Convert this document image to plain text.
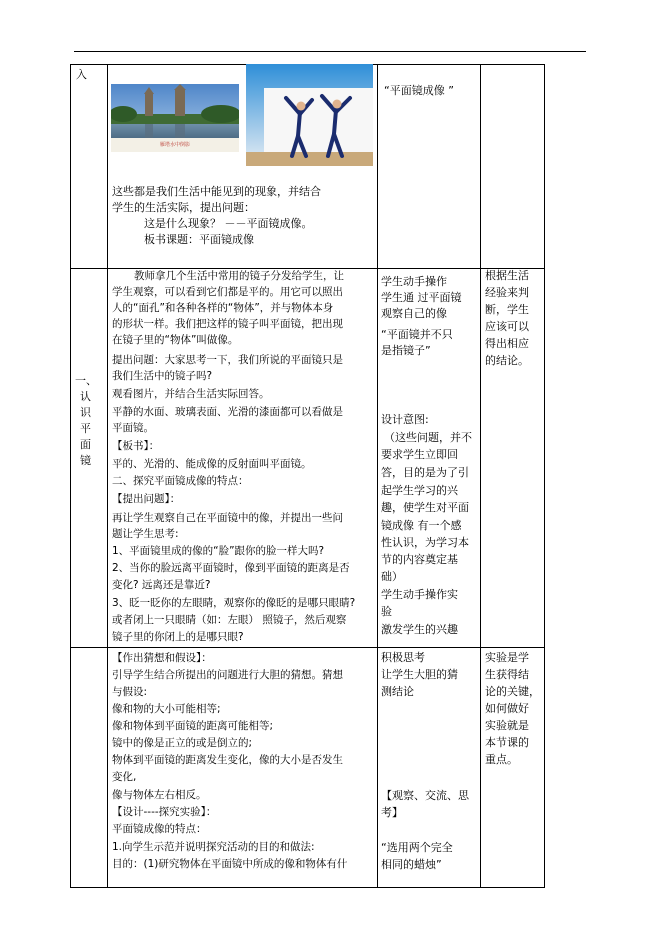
入
雁塔水中倒影
这些都是我们生活中能见到的现象，并结合
学生的生活实际，提出问题：
这是什么现象？ －－平面镜成像。
板书课题：平面镜成像
“平面镜成像 ”
一、
认
识
平
面
镜
教师拿几个生活中常用的镜子分发给学生，让
学生观察，可以看到它们都是平的。用它可以照出
人的“面孔”和各种各样的“物体”，并与物体本身
的形状一样。我们把这样的镜子叫平面镜，把出现
在镜子里的“物体”叫做像。
提出问题：大家思考一下，我们所说的平面镜只是
我们生活中的镜子吗?
观看图片，并结合生活实际回答。
平静的水面、玻璃表面、光滑的漆面都可以看做是
平面镜。
【板书】：
平的、光滑的、能成像的反射面叫平面镜。
二、探究平面镜成像的特点：
【提出问题】：
再让学生观察自己在平面镜中的像，并提出一些问
题让学生思考:
1、平面镜里成的像的“脸”跟你的脸一样大吗?
2、当你的脸远离平面镜时，像到平面镜的距离是否
变化? 远离还是靠近?
3、眨一眨你的左眼睛，观察你的像眨的是哪只眼睛?
或者闭上一只眼睛（如：左眼） 照镜子，然后观察
镜子里的你闭上的是哪只眼?
学生动手操作
学生通 过平面镜
观察自己的像
“平面镜并不只
是指镜子”
设计意图:
（这些问题，并不
要求学生立即回
答，目的是为了引
起学生学习的兴
趣，使学生对平面
镜成像 有一个感
性认识，为学习本
节的内容奠定基
础）
学生动手操作实
验
激发学生的兴趣
根据生活
经验来判
断，学生
应该可以
得出相应
的结论。
【作出猜想和假设】：
引导学生结合所提出的问题进行大胆的猜想。猜想
与假设:
像和物的大小可能相等;
像和物体到平面镜的距离可能相等;
镜中的像是正立的或是倒立的;
物体到平面镜的距离发生变化，像的大小是否发生
变化,
像与物体左右相反。
【设计----探究实验】：
平面镜成像的特点：
1.向学生示范并说明探究活动的目的和做法:
目的：(1)研究物体在平面镜中所成的像和物体有什
积极思考
让学生大胆的猜
测结论
【观察、交流、思
考】
“选用两个完全
相同的蜡烛”
实验是学
生获得结
论的关键，
如何做好
实验就是
本节课的
重点。
